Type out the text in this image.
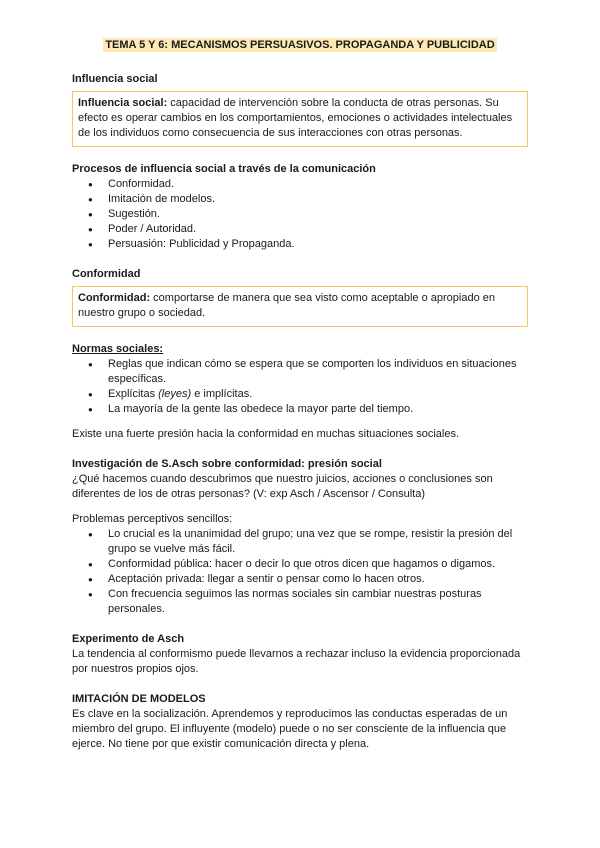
TEMA 5 Y 6: MECANISMOS PERSUASIVOS. PROPAGANDA Y PUBLICIDAD
Influencia social
Influencia social: capacidad de intervención sobre la conducta de otras personas. Su efecto es operar cambios en los comportamientos, emociones o actividades intelectuales de los individuos como consecuencia de sus interacciones con otras personas.
Procesos de influencia social a través de la comunicación
● Conformidad.
● Imitación de modelos.
● Sugestión.
● Poder / Autoridad.
● Persuasión: Publicidad y Propaganda.
Conformidad
Conformidad: comportarse de manera que sea visto como aceptable o apropiado en nuestro grupo o sociedad.
Normas sociales:
● Reglas que indican cómo se espera que se comporten los individuos en situaciones específicas.
● Explícitas (leyes) e implícitas.
● La mayoría de la gente las obedece la mayor parte del tiempo.

Existe una fuerte presión hacia la conformidad en muchas situaciones sociales.

Investigación de S.Asch sobre conformidad: presión social

¿Qué hacemos cuando descubrimos que nuestro juicios, acciones o conclusiones son diferentes de los de otras personas? (V: exp Asch / Ascensor / Consulta)

Problemas perceptivos sencillos:

● Lo crucial es la unanimidad del grupo; una vez que se rompe, resistir la presión del grupo se vuelve más fácil.
● Conformidad pública: hacer o decir lo que otros dicen que hagamos o digamos.
● Aceptación privada: llegar a sentir o pensar como lo hacen otros.
● Con frecuencia seguimos las normas sociales sin cambiar nuestras posturas personales.
Experimento de Asch

La tendencia al conformismo puede llevarnos a rechazar incluso la evidencia proporcionada por nuestros propios ojos.

IMITACIÓN DE MODELOS

Es clave en la socialización. Aprendemos y reproducimos las conductas esperadas de un miembro del grupo. El influyente (modelo) puede o no ser consciente de la influencia que ejerce. No tiene por que existir comunicación directa y plena.
